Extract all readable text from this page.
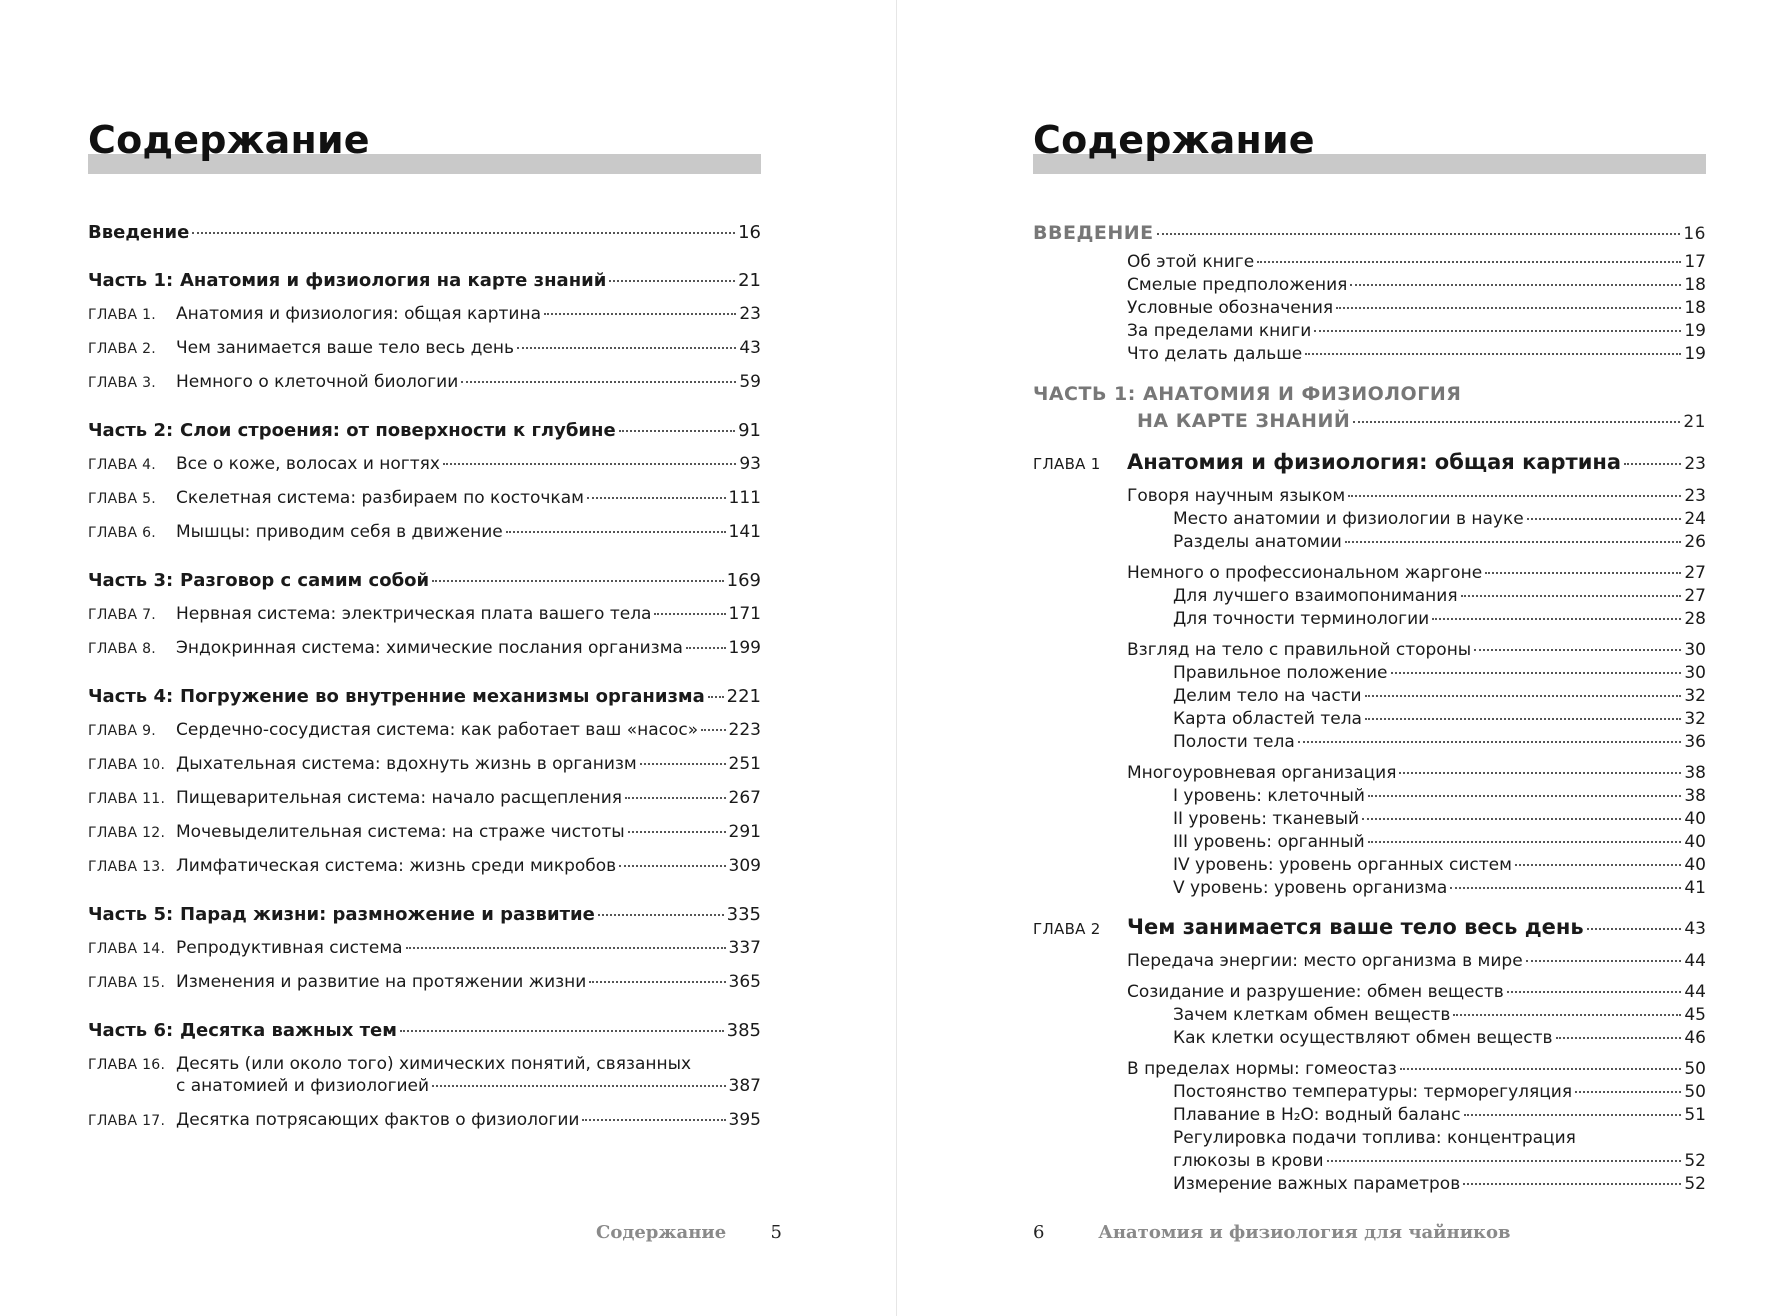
Содержание
Введение	16
Часть 1: Анатомия и физиология на карте знаний	21
ГЛАВА 1.	Анатомия и физиология: общая картина	23
ГЛАВА 2.	Чем занимается ваше тело весь день	43
ГЛАВА 3.	Немного о клеточной биологии	59
Часть 2: Слои строения: от поверхности к глубине	91
ГЛАВА 4.	Все о коже, волосах и ногтях	93
ГЛАВА 5.	Скелетная система: разбираем по косточкам	111
ГЛАВА 6.	Мышцы: приводим себя в движение	141
Часть 3: Разговор с самим собой	169
ГЛАВА 7.	Нервная система: электрическая плата вашего тела	171
ГЛАВА 8.	Эндокринная система: химические послания организма	199
Часть 4: Погружение во внутренние механизмы организма 221
ГЛАВА 9.	Сердечно-сосудистая система: как работает ваш «насос» 223
ГЛАВА 10. Дыхательная система: вдохнуть жизнь в организм	251
ГЛАВА 11. Пищеварительная система: начало расщепления	267
ГЛАВА 12. Мочевыделительная система: на страже чистоты	291
ГЛАВА 13. Лимфатическая система: жизнь среди микробов	309
Часть 5: Парад жизни: размножение и развитие	335
ГЛАВА 14. Репродуктивная система	337
ГЛАВА 15. Изменения и развитие на протяжении жизни	365
Часть 6: Десятка важных тем	385
ГЛАВА 16. Десять (или около того) химических понятий, связанных
с анатомией и физиологией	387
ГЛАВА 17. Десятка потрясающих фактов о физиологии	395
Содержание 5
Содержание
ВВЕДЕНИЕ	16
Об этой книге	17
Смелые предположения	18
Условные обозначения	18
За пределами книги	19
Что делать дальше	19
ЧАСТЬ 1: АНАТОМИЯ И ФИЗИОЛОГИЯ
НА КАРТЕ ЗНАНИЙ	21
ГЛАВА 1	Анатомия и физиология: общая картина	23
Говоря научным языком	23
Место анатомии и физиологии в науке	24
Разделы анатомии	26
Немного о профессиональном жаргоне	27
Для лучшего взаимопонимания	27
Для точности терминологии	28
Взгляд на тело с правильной стороны	30
Правильное положение	30
Делим тело на части	32
Карта областей тела	32
Полости тела	36
Многоуровневая организация	38
I уровень: клеточный	38
II уровень: тканевый	40
III уровень: органный	40
IV уровень: уровень органных систем	40
V уровень: уровень организма	41
ГЛАВА 2	Чем занимается ваше тело весь день	43
Передача энергии: место организма в мире	44
Созидание и разрушение: обмен веществ	44
Зачем клеткам обмен веществ	45
Как клетки осуществляют обмен веществ	46
В пределах нормы: гомеостаз	50
Постоянство температуры: терморегуляция	50
Плавание в H₂O: водный баланс	51
Регулировка подачи топлива: концентрация
глюкозы в крови	52
Измерение важных параметров	52
6	Анатомия и физиология для чайников
